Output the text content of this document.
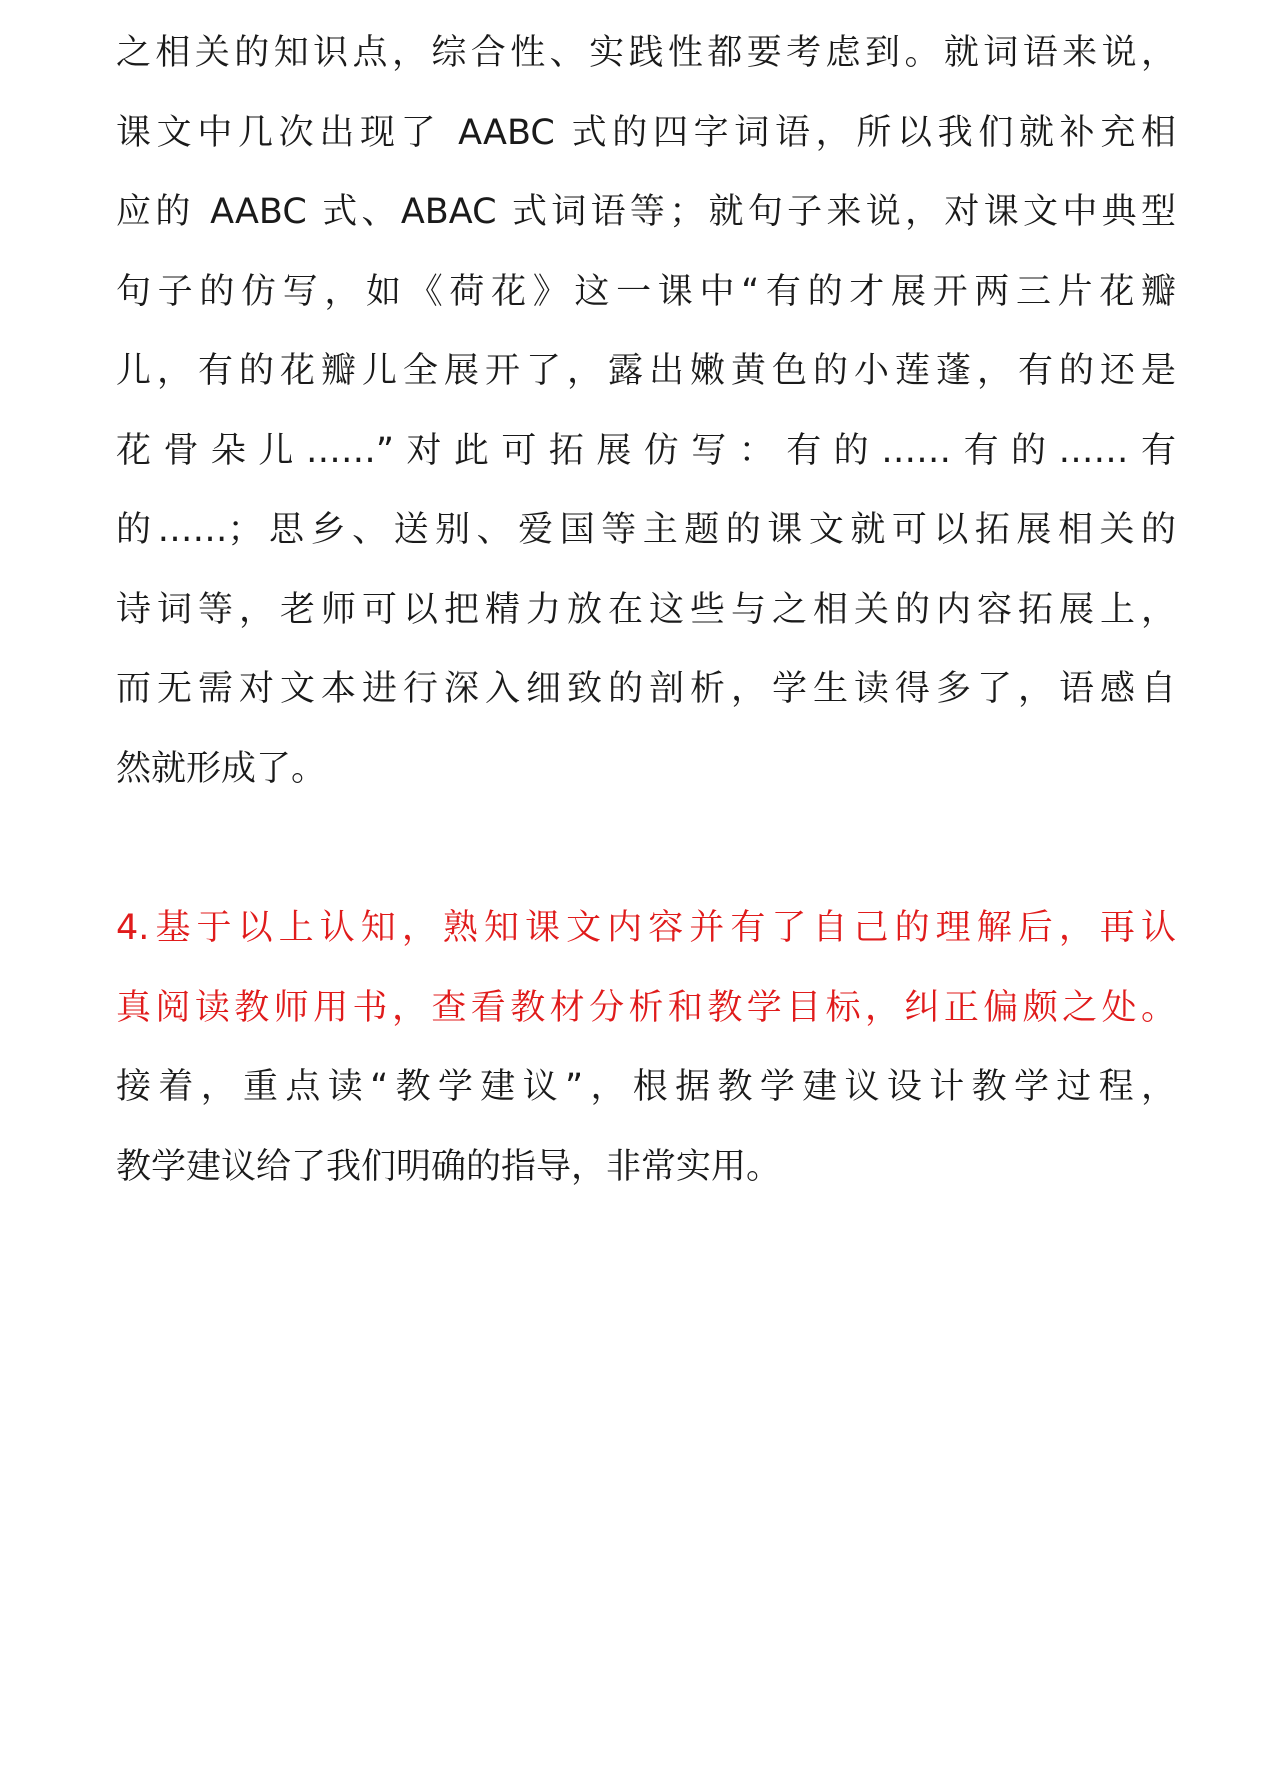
之相关的知识点，综合性、实践性都要考虑到。就词语来说，
课文中几次出现了 AABC 式的四字词语，所以我们就补充相
应的 AABC 式、ABAC 式词语等；就句子来说，对课文中典型
句子的仿写，如《荷花》这一课中“有的才展开两三片花瓣
儿，有的花瓣儿全展开了，露出嫩黄色的小莲蓬，有的还是
花骨朵儿……”对此可拓展仿写：有的……有的……有
的……；思乡、送别、爱国等主题的课文就可以拓展相关的
诗词等，老师可以把精力放在这些与之相关的内容拓展上，
而无需对文本进行深入细致的剖析，学生读得多了，语感自
然就形成了。
4.基于以上认知，熟知课文内容并有了自己的理解后，再认
真阅读教师用书，查看教材分析和教学目标，纠正偏颇之处。
接着，重点读“教学建议”，根据教学建议设计教学过程，
教学建议给了我们明确的指导，非常实用。
